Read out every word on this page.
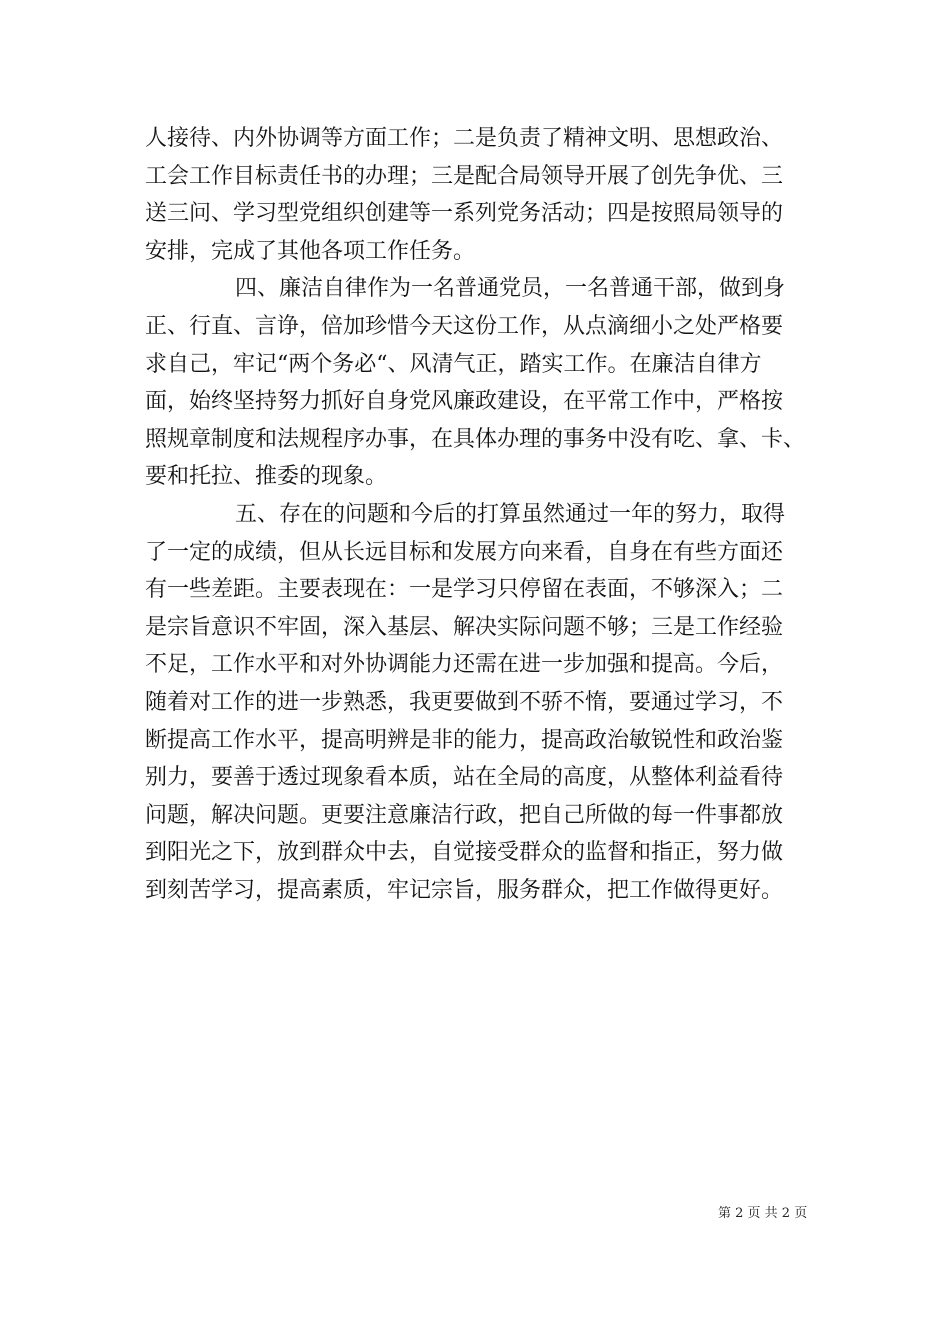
人接待、内外协调等方面工作；二是负责了精神文明、思想政治、
工会工作目标责任书的办理；三是配合局领导开展了创先争优、三
送三问、学习型党组织创建等一系列党务活动；四是按照局领导的
安排，完成了其他各项工作任务。
四、廉洁自律作为一名普通党员，一名普通干部，做到身
正、行直、言诤，倍加珍惜今天这份工作，从点滴细小之处严格要
求自己，牢记“两个务必“、风清气正，踏实工作。在廉洁自律方
面，始终坚持努力抓好自身党风廉政建设，在平常工作中，严格按
照规章制度和法规程序办事，在具体办理的事务中没有吃、拿、卡、
要和托拉、推委的现象。
五、存在的问题和今后的打算虽然通过一年的努力，取得
了一定的成绩，但从长远目标和发展方向来看，自身在有些方面还
有一些差距。主要表现在：一是学习只停留在表面，不够深入；二
是宗旨意识不牢固，深入基层、解决实际问题不够；三是工作经验
不足，工作水平和对外协调能力还需在进一步加强和提高。今后，
随着对工作的进一步熟悉，我更要做到不骄不惰，要通过学习，不
断提高工作水平，提高明辨是非的能力，提高政治敏锐性和政治鉴
别力，要善于透过现象看本质，站在全局的高度，从整体利益看待
问题，解决问题。更要注意廉洁行政，把自己所做的每一件事都放
到阳光之下，放到群众中去，自觉接受群众的监督和指正，努力做
到刻苦学习，提高素质，牢记宗旨，服务群众，把工作做得更好。
第 2 页 共 2 页
